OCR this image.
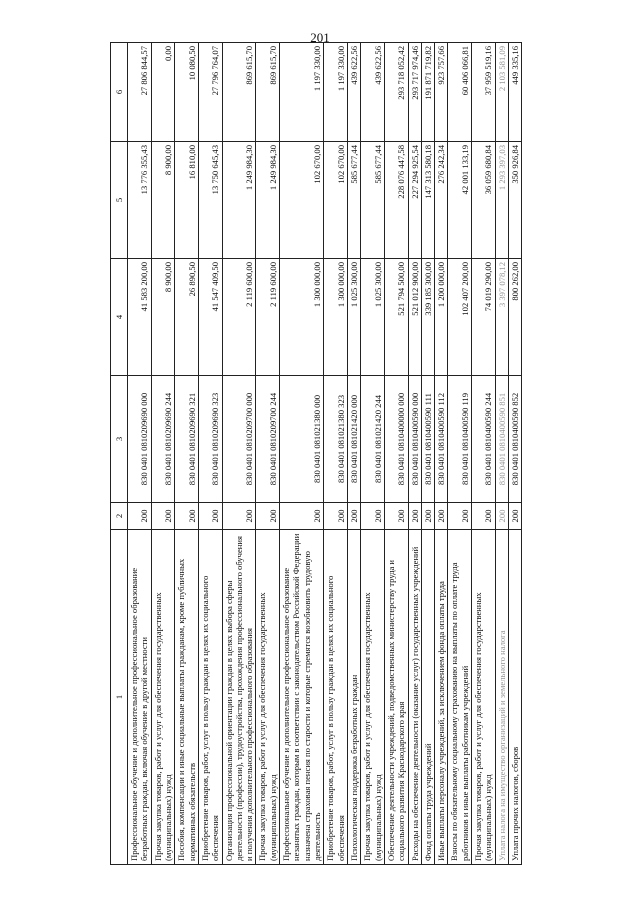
201
1	2	3	4	5	6
Профессиональное обучение и дополнительное профессиональное образование безработных граждан, включая обучение в другой местности	200	830 0401 0810209690 000	41 583 200,00	13 776 355,43	27 806 844,57
Прочая закупка товаров, работ и услуг для обеспечения государственных (муниципальных) нужд	200	830 0401 0810209690 244	8 900,00	8 900,00	0,00
Пособия, компенсации и иные социальные выплаты гражданам, кроме публичных нормативных обязательств	200	830 0401 0810209690 321	26 890,50	16 810,00	10 080,50
Приобретение товаров, работ, услуг в пользу граждан в целях их социального обеспечения	200	830 0401 0810209690 323	41 547 409,50	13 750 645,43	27 796 764,07
Организация профессиональной ориентации граждан в целях выбора сферы деятельности (профессии), трудоустройства, прохождения профессионального обучения и получения дополнительного профессионального образования	200	830 0401 0810209700 000	2 119 600,00	1 249 984,30	869 615,70
Прочая закупка товаров, работ и услуг для обеспечения государственных (муниципальных) нужд	200	830 0401 0810209700 244	2 119 600,00	1 249 984,30	869 615,70
Профессиональное обучение и дополнительное профессиональное образование незанятых граждан, которым в соответствии с законодательством Российской Федерации назначена страховая пенсия по старости и которые стремятся возобновить трудовую деятельность	200	830 0401 081021380 000	1 300 000,00	102 670,00	1 197 330,00
Приобретение товаров, работ, услуг в пользу граждан в целях их социального обеспечения	200	830 0401 081021380 323	1 300 000,00	102 670,00	1 197 330,00
Психологическая поддержка безработных граждан	200	830 0401 081021420 000	1 025 300,00	585 677,44	439 622,56
Прочая закупка товаров, работ и услуг для обеспечения государственных (муниципальных) нужд	200	830 0401 081021420 244	1 025 300,00	585 677,44	439 622,56
Обеспечение деятельности учреждений, подведомственных министерству труда и социального развития Краснодарского края	200	830 0401 0810400000 000	521 794 500,00	228 076 447,58	293 718 052,42
Расходы на обеспечение деятельности (оказание услуг) государственных учреждений	200	830 0401 0810400590 000	521 012 900,00	227 294 925,54	293 717 974,46
Фонд оплаты труда учреждений	200	830 0401 0810400590 111	339 185 300,00	147 313 580,18	191 871 719,82
Иные выплаты персоналу учреждений, за исключением фонда оплаты труда	200	830 0401 0810400590 112	1 200 000,00	276 242,34	923 757,66
Взносы по обязательному социальному страхованию на выплаты по оплате труда работников и иные выплаты работникам учреждений	200	830 0401 0810400590 119	102 407 200,00	42 001 133,19	60 406 066,81
Прочая закупка товаров, работ и услуг для обеспечения государственных (муниципальных) нужд	200	830 0401 0810400590 244	74 019 290,00	36 059 680,84	37 959 519,16
Уплата налога на имущество организаций и земельного налога	200	830 0401 0810400590 851	3 397 078,12	1 293 397,03	2 103 581,09
Уплата прочих налогов, сборов	200	830 0401 0810400590 852	800 262,00	350 926,84	449 335,16
